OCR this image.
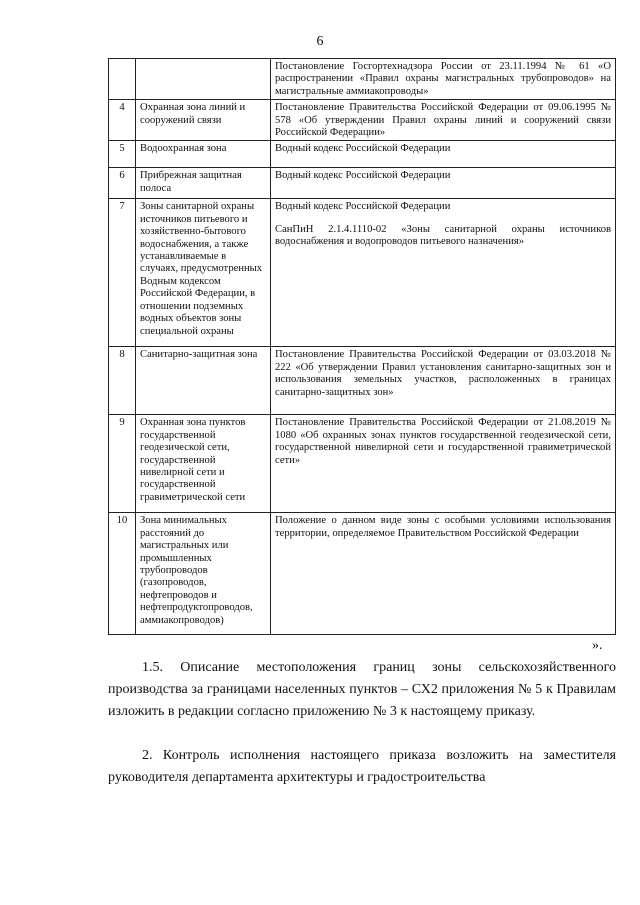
6

		Постановление Госгортехнадзора России от 23.11.1994 № 61 «О распространении «Правил охраны магистральных трубопроводов» на магистральные аммиакопроводы»

4	Охранная зона линий и сооружений связи	Постановление Правительства Российской Федерации от 09.06.1995 № 578 «Об утверждении Правил охраны линий и сооружений связи Российской Федерации»

5	Водоохранная зона	Водный кодекс Российской Федерации

6	Прибрежная защитная полоса	Водный кодекс Российской Федерации

7	Зоны санитарной охраны источников питьевого и хозяйственно-бытового водоснабжения, а также устанавливаемые в случаях, предусмотренных Водным кодексом Российской Федерации, в отношении подземных водных объектов зоны специальной охраны	Водный кодекс Российской Федерации

СанПиН 2.1.4.1110-02 «Зоны санитарной охраны источников водоснабжения и водопроводов питьевого назначения»

8	Санитарно-защитная зона	Постановление Правительства Российской Федерации от 03.03.2018 № 222 «Об утверждении Правил установления санитарно-защитных зон и использования земельных участков, расположенных в границах санитарно-защитных зон»

9	Охранная зона пунктов государственной геодезической сети, государственной нивелирной сети и государственной гравиметрической сети	Постановление Правительства Российской Федерации от 21.08.2019 № 1080 «Об охранных зонах пунктов государственной геодезической сети, государственной нивелирной сети и государственной гравиметрической сети»

10	Зона минимальных расстояний до магистральных или промышленных трубопроводов (газопроводов, нефтепроводов и нефтепродуктопроводов, аммиакопроводов)	Положение о данном виде зоны с особыми условиями использования территории, определяемое Правительством Российской Федерации

».

1.5. Описание местоположения границ зоны сельскохозяйственного производства за границами населенных пунктов – СХ2 приложения № 5 к Правилам изложить в редакции согласно приложению № 3 к настоящему приказу.

2. Контроль исполнения настоящего приказа возложить на заместителя руководителя департамента архитектуры и градостроительства
